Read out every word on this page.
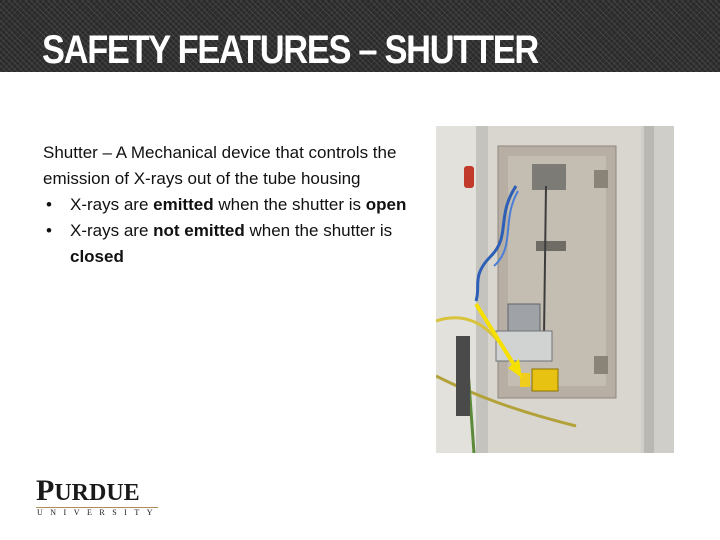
SAFETY FEATURES – SHUTTER

Shutter – A Mechanical device that controls the emission of X-rays out of the tube housing

• X-rays are emitted when the shutter is open
• X-rays are not emitted when the shutter is closed
PURDUE
UNIVERSITY
